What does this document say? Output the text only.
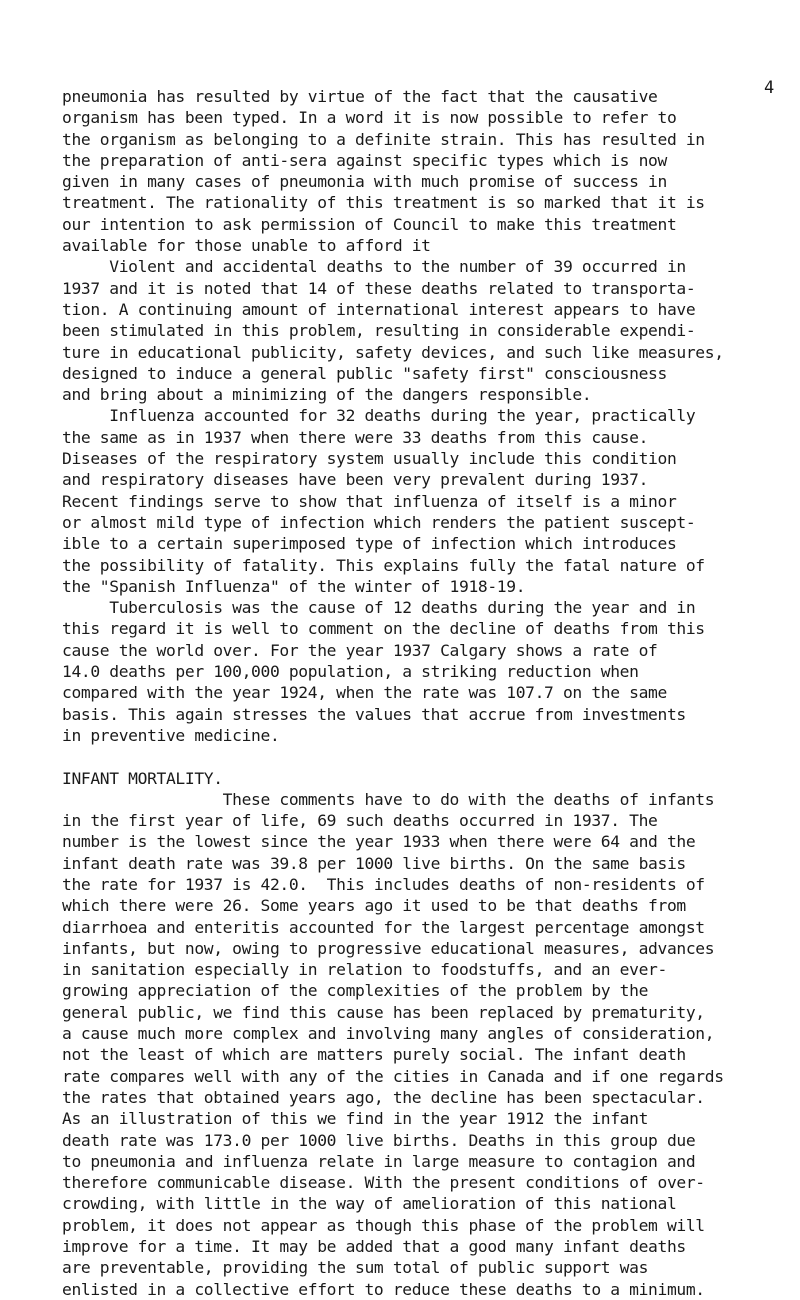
4
pneumonia has resulted by virtue of the fact that the causative
organism has been typed. In a word it is now possible to refer to
the organism as belonging to a definite strain. This has resulted in
the preparation of anti-sera against specific types which is now
given in many cases of pneumonia with much promise of success in
treatment. The rationality of this treatment is so marked that it is
our intention to ask permission of Council to make this treatment
available for those unable to afford it
Violent and accidental deaths to the number of 39 occurred in
1937 and it is noted that 14 of these deaths related to transporta-
tion. A continuing amount of international interest appears to have
been stimulated in this problem, resulting in considerable expendi-
ture in educational publicity, safety devices, and such like measures,
designed to induce a general public "safety first" consciousness
and bring about a minimizing of the dangers responsible.
Influenza accounted for 32 deaths during the year, practically
the same as in 1937 when there were 33 deaths from this cause.
Diseases of the respiratory system usually include this condition
and respiratory diseases have been very prevalent during 1937.
Recent findings serve to show that influenza of itself is a minor
or almost mild type of infection which renders the patient suscept-
ible to a certain superimposed type of infection which introduces
the possibility of fatality. This explains fully the fatal nature of
the "Spanish Influenza" of the winter of 1918-19.
Tuberculosis was the cause of 12 deaths during the year and in
this regard it is well to comment on the decline of deaths from this
cause the world over. For the year 1937 Calgary shows a rate of
14.0 deaths per 100,000 population, a striking reduction when
compared with the year 1924, when the rate was 107.7 on the same
basis. This again stresses the values that accrue from investments
in preventive medicine.
INFANT MORTALITY.
These comments have to do with the deaths of infants
in the first year of life, 69 such deaths occurred in 1937. The
number is the lowest since the year 1933 when there were 64 and the
infant death rate was 39.8 per 1000 live births. On the same basis
the rate for 1937 is 42.0.  This includes deaths of non-residents of
which there were 26. Some years ago it used to be that deaths from
diarrhoea and enteritis accounted for the largest percentage amongst
infants, but now, owing to progressive educational measures, advances
in sanitation especially in relation to foodstuffs, and an ever-
growing appreciation of the complexities of the problem by the
general public, we find this cause has been replaced by prematurity,
a cause much more complex and involving many angles of consideration,
not the least of which are matters purely social. The infant death
rate compares well with any of the cities in Canada and if one regards
the rates that obtained years ago, the decline has been spectacular.
As an illustration of this we find in the year 1912 the infant
death rate was 173.0 per 1000 live births. Deaths in this group due
to pneumonia and influenza relate in large measure to contagion and
therefore communicable disease. With the present conditions of over-
crowding, with little in the way of amelioration of this national
problem, it does not appear as though this phase of the problem will
improve for a time. It may be added that a good many infant deaths
are preventable, providing the sum total of public support was
enlisted in a collective effort to reduce these deaths to a minimum.
